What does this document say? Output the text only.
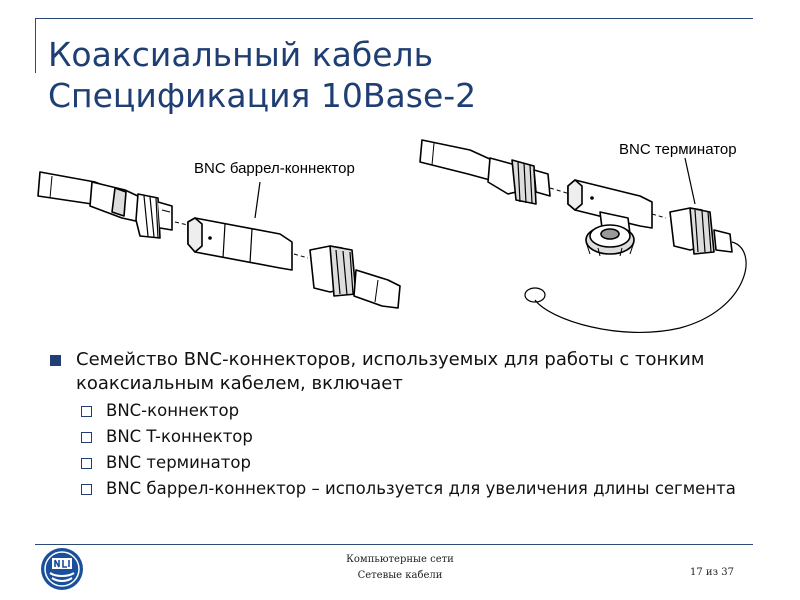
Коаксиальный кабель
Спецификация 10Base-2
BNC баррел-коннектор
BNC терминатор
Семейство BNC-коннекторов, используемых для работы с тонким коаксиальным кабелем, включает
BNC-коннектор
BNC T-коннектор
BNC терминатор
BNC баррел-коннектор – используется для увеличения длины сегмента
Компьютерные сети
Сетевые кабели	17 из 37
